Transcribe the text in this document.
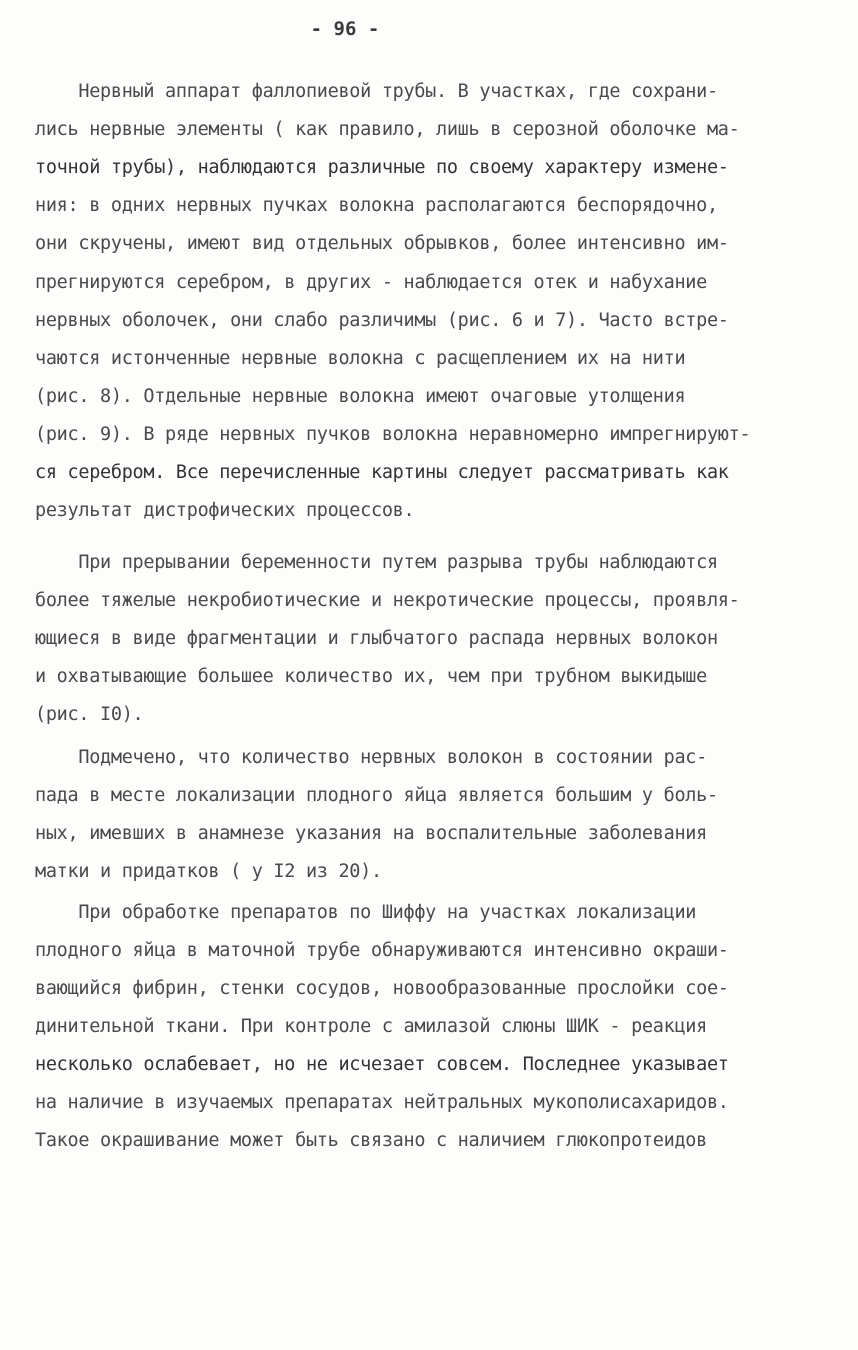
- 96 -
Нервный аппарат фаллопиевой трубы. В участках, где сохрани-
лись нервные элементы ( как правило, лишь в серозной оболочке ма-
точной трубы), наблюдаются различные по своему характеру измене-
ния: в одних нервных пучках волокна располагаются беспорядочно,
они скручены, имеют вид отдельных обрывков, более интенсивно им-
прегнируются серебром, в других - наблюдается отек и набухание
нервных оболочек, они слабо различимы (рис. 6 и 7). Часто встре-
чаются истонченные нервные волокна с расщеплением их на нити
(рис. 8). Отдельные нервные волокна имеют очаговые утолщения
(рис. 9). В ряде нервных пучков волокна неравномерно импрегнируют-
ся серебром. Все перечисленные картины следует рассматривать как
результат дистрофических процессов.
При прерывании беременности путем разрыва трубы наблюдаются
более тяжелые некробиотические и некротические процессы, проявля-
ющиеся в виде фрагментации и глыбчатого распада нервных волокон
и охватывающие большее количество их, чем при трубном выкидыше
(рис. I0).
Подмечено, что количество нервных волокон в состоянии рас-
пада в месте локализации плодного яйца является большим у боль-
ных, имевших в анамнезе указания на воспалительные заболевания
матки и придатков ( у I2 из 20).
При обработке препаратов по Шиффу на участках локализации
плодного яйца в маточной трубе обнаруживаются интенсивно окраши-
вающийся фибрин, стенки сосудов, новообразованные прослойки сое-
динительной ткани. При контроле с амилазой слюны ШИК - реакция
несколько ослабевает, но не исчезает совсем. Последнее указывает
на наличие в изучаемых препаратах нейтральных мукополисахаридов.
Такое окрашивание может быть связано с наличием глюкопротеидов
